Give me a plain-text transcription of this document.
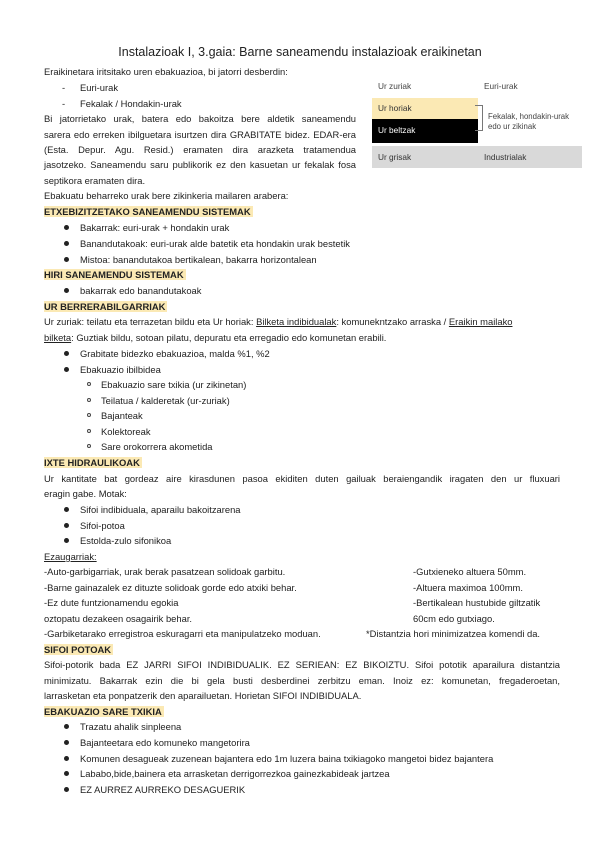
Instalazioak I, 3.gaia: Barne saneamendu instalazioak eraikinetan
Eraikinetara iritsitako uren ebakuazioa, bi jatorri desberdin:
- Euri-urak
- Fekalak / Hondakin-urak
Bi jatorrietako urak, batera edo bakoitza bere aldetik saneamendu
sarera edo erreken ibilguetara isurtzen dira GRABITATE bidez. EDAR-era
(Esta. Depur. Agu. Resid.) eramaten dira arazketa tratamendua
jasotzeko. Saneamendu saru publikorik ez den kasuetan ur fekalak fosa
septikora eramaten dira.
Ebakuatu beharreko urak bere zikinkeria mailaren arabera:
Ur zuriak	Euri-urak
Ur horiak
Ur beltzak
Fekalak, hondakin-urak
edo ur zikinak
Ur grisak	Industrialak
ETXEBIZITZETAKO SANEAMENDU SISTEMAK
Bakarrak: euri-urak + hondakin urak
Banandutakoak: euri-urak alde batetik eta hondakin urak bestetik
Mistoa: banandutakoa bertikalean, bakarra horizontalean
HIRI SANEAMENDU SISTEMAK
bakarrak edo banandutakoak
UR BERRERABILGARRIAK
Ur zuriak: teilatu eta terrazetan bildu eta Ur horiak: Bilketa indibidualak: komunekntzako arraska / Eraikin mailako
bilketa: Guztiak bildu, sotoan pilatu, depuratu eta erregadio edo komunetan erabili.
Grabitate bidezko ebakuazioa, malda %1, %2
Ebakuazio ibilbidea
Ebakuazio sare txikia (ur zikinetan)
Teilatua / kalderetak (ur-zuriak)
Bajanteak
Kolektoreak
Sare orokorrera akometida
IXTE HIDRAULIKOAK
Ur kantitate bat gordeaz aire kirasdunen pasoa ekiditen duten gailuak beraiengandik iragaten den ur fluxuari
eragin gabe. Motak:
Sifoi indibiduala, aparailu bakoitzarena
Sifoi-potoa
Estolda-zulo sifonikoa
Ezaugarriak:
-Auto-garbigarriak, urak berak pasatzean solidoak garbitu.
-Barne gainazalek ez dituzte solidoak gorde edo atxiki behar.
-Ez dute funtzionamendu egokia
oztopatu dezakeen osagairik behar.
-Garbiketarako erregistroa eskuragarri eta manipulatzeko moduan.
-Gutxieneko altuera 50mm.
-Altuera maximoa 100mm.
-Bertikalean hustubide giltzatik
60cm edo gutxiago.
*Distantzia hori minimizatzea komendi da.
SIFOI POTOAK
Sifoi-potorik bada EZ JARRI SIFOI INDIBIDUALIK. EZ SERIEAN: EZ BIKOIZTU. Sifoi pototik aparailura distantzia
minimizatu. Bakarrak ezin die bi gela busti desberdinei zerbitzu eman. Inoiz ez: komunetan, fregaderoetan,
larrasketan eta ponpatzerik den aparailuetan. Horietan SIFOI INDIBIDUALA.
EBAKUAZIO SARE TXIKIA
Trazatu ahalik sinpleena
Bajanteetara edo komuneko mangetorira
Komunen desagueak zuzenean bajantera edo 1m luzera baina txikiagoko mangetoi bidez bajantera
Lababo,bide,bainera eta arrasketan derrigorrezkoa gainezkabideak jartzea
EZ AURREZ AURREKO DESAGUERIK
